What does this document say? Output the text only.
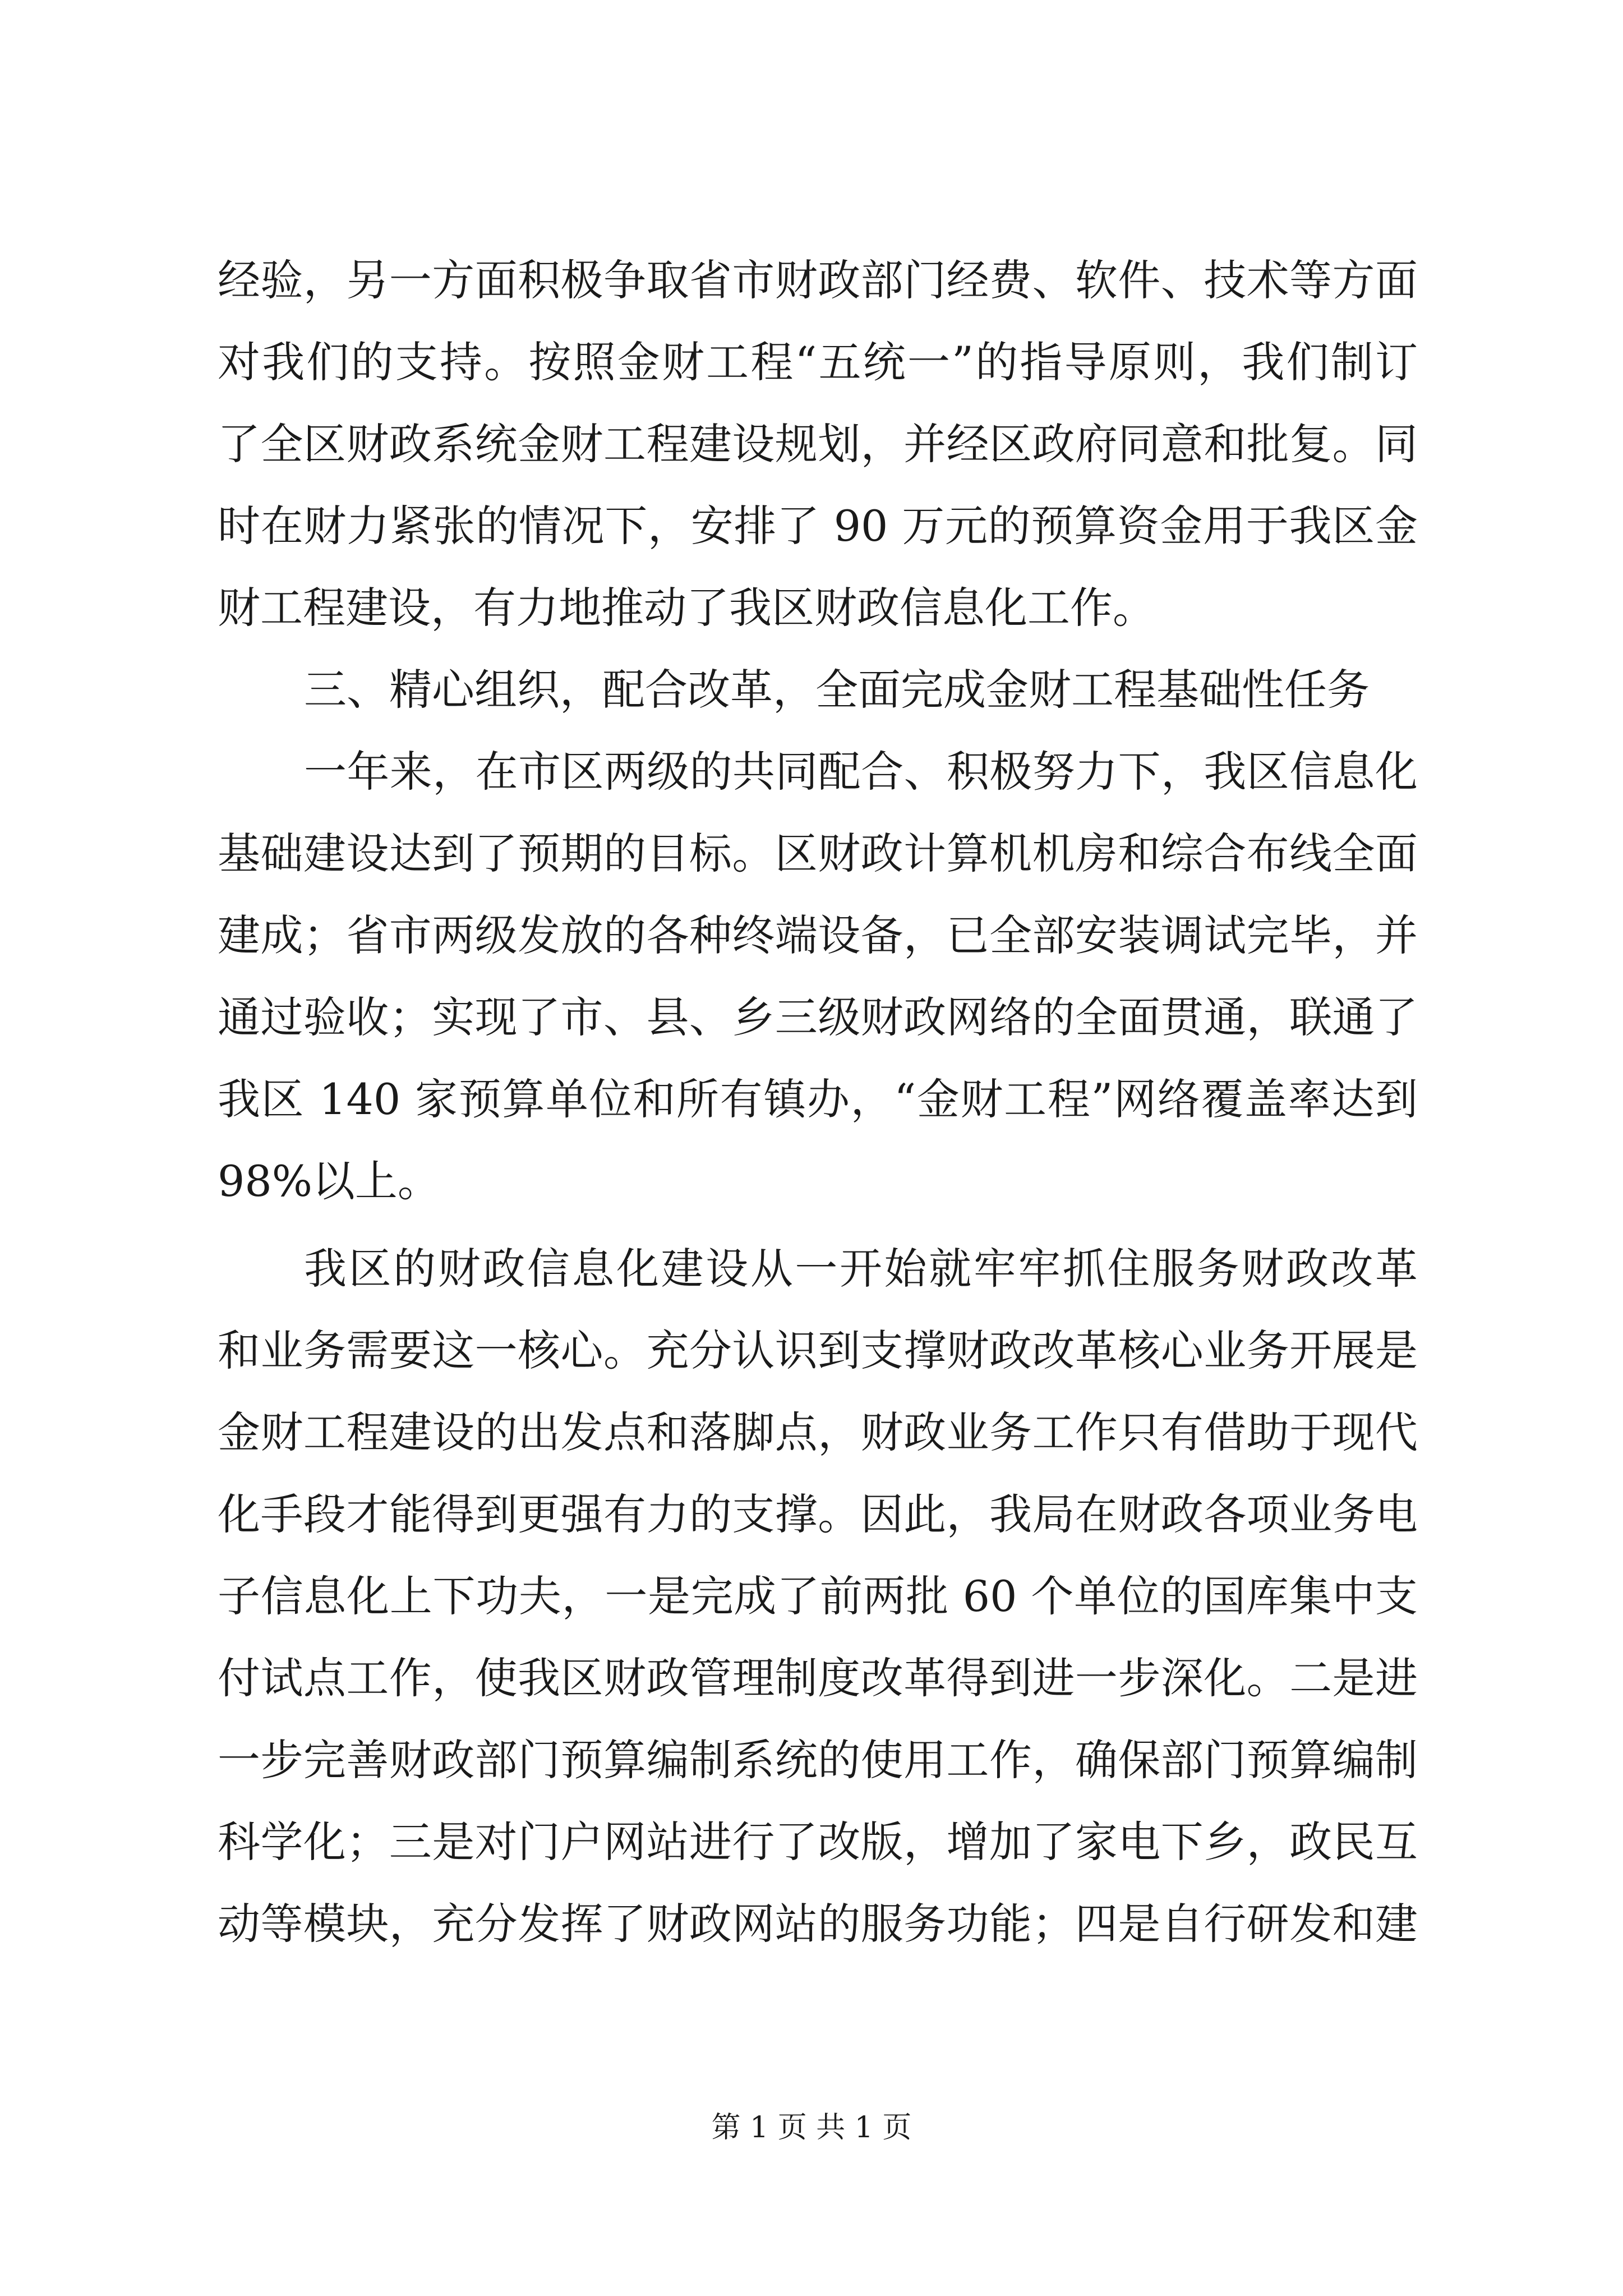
经验，另一方面积极争取省市财政部门经费、软件、技术等方面
对我们的支持。按照金财工程“五统一”的指导原则，我们制订
了全区财政系统金财工程建设规划，并经区政府同意和批复。同
时在财力紧张的情况下，安排了 90 万元的预算资金用于我区金
财工程建设，有力地推动了我区财政信息化工作。
三、精心组织，配合改革，全面完成金财工程基础性任务
一年来，在市区两级的共同配合、积极努力下，我区信息化
基础建设达到了预期的目标。区财政计算机机房和综合布线全面
建成；省市两级发放的各种终端设备，已全部安装调试完毕，并
通过验收；实现了市、县、乡三级财政网络的全面贯通，联通了
我区 140 家预算单位和所有镇办，“金财工程”网络覆盖率达到
98%以上。
我区的财政信息化建设从一开始就牢牢抓住服务财政改革
和业务需要这一核心。充分认识到支撑财政改革核心业务开展是
金财工程建设的出发点和落脚点，财政业务工作只有借助于现代
化手段才能得到更强有力的支撑。因此，我局在财政各项业务电
子信息化上下功夫，一是完成了前两批 60 个单位的国库集中支
付试点工作，使我区财政管理制度改革得到进一步深化。二是进
一步完善财政部门预算编制系统的使用工作，确保部门预算编制
科学化；三是对门户网站进行了改版，增加了家电下乡，政民互
动等模块，充分发挥了财政网站的服务功能；四是自行研发和建
第 1 页 共 1 页
